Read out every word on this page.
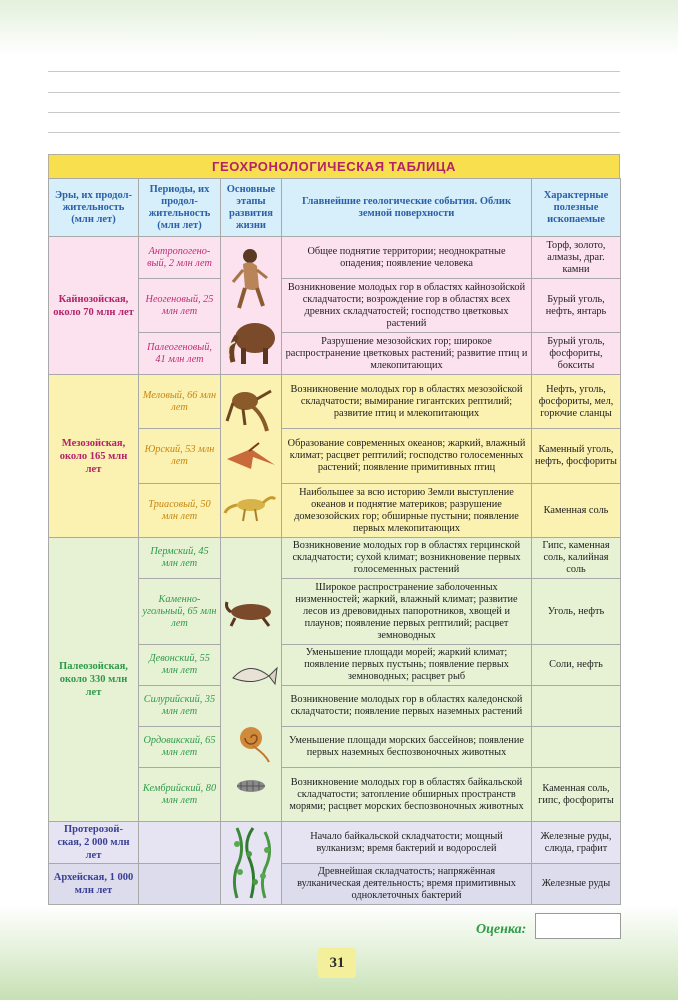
ГЕОХРОНОЛОГИЧЕСКАЯ ТАБЛИЦА
Эры, их продол- жительность (млн лет)	Периоды, их продол- жительность (млн лет)	Основные этапы развития жизни	Главнейшие геологические события. Облик земной поверхности	Характерные полезные ископаемые
Кайнозойская, около 70 млн лет	Антропогено- вый, 2 млн лет		Общее поднятие территории; неоднократные опадения; появление человека	Торф, золото, алмазы, драг. камни
	Неогеновый, 25 млн лет		Возникновение молодых гор в областях кайнозойской складчатости; возрождение гор в областях всех древних складчатостей; господство цветковых растений	Бурый уголь, нефть, янтарь
	Палеогеновый, 41 млн лет		Разрушение мезозойских гор; широкое распространение цветковых растений; развитие птиц и млекопитающих	Бурый уголь, фосфориты, бокситы
Мезозойская, около 165 млн лет	Меловый, 66 млн лет		Возникновение молодых гор в областях мезозойской складчатости; вымирание гигантских рептилий; развитие птиц и млекопитающих	Нефть, уголь, фосфориты, мел, горючие сланцы
	Юрский, 53 млн лет		Образование современных океанов; жаркий, влажный климат; расцвет рептилий; господство голосеменных растений; появление примитивных птиц	Каменный уголь, нефть, фосфориты
	Триасовый, 50 млн лет		Наибольшее за всю историю Земли выступление океанов и поднятие материков; разрушение домезозойских гор; обширные пустыни; появление первых млекопитающих	Каменная соль
Палеозойская, около 330 млн лет	Пермский, 45 млн лет		Возникновение молодых гор в областях герцинской складчатости; сухой климат; возникновение первых голосеменных растений	Гипс, каменная соль, калийная соль
	Каменно- угольный, 65 млн лет		Широкое распространение заболоченных низменностей; жаркий, влажный климат; развитие лесов из древовидных папоротников, хвощей и плаунов; появление первых рептилий; расцвет земноводных	Уголь, нефть
	Девонский, 55 млн лет		Уменьшение площади морей; жаркий климат; появление первых пустынь; появление первых земноводных; расцвет рыб	Соли, нефть
	Силурийский, 35 млн лет		Возникновение молодых гор в областях каледонской складчатости; появление первых наземных растений	
	Ордовикский, 65 млн лет		Уменьшение площади морских бассейнов; появление первых наземных беспозвоночных животных	
	Кембрийский, 80 млн лет		Возникновение молодых гор в областях байкальской складчатости; затопление обширных пространств морями; расцвет морских беспозвоночных животных	Каменная соль, гипс, фосфориты
Протерозой- ская, 2 000 млн лет			Начало байкальской складчатости; мощный вулканизм; время бактерий и водорослей	Железные руды, слюда, графит
Архейская, 1 000 млн лет			Древнейшая складчатость; напряжённая вулканическая деятельность; время примитивных одноклеточных бактерий	Железные руды
Оценка:
31
